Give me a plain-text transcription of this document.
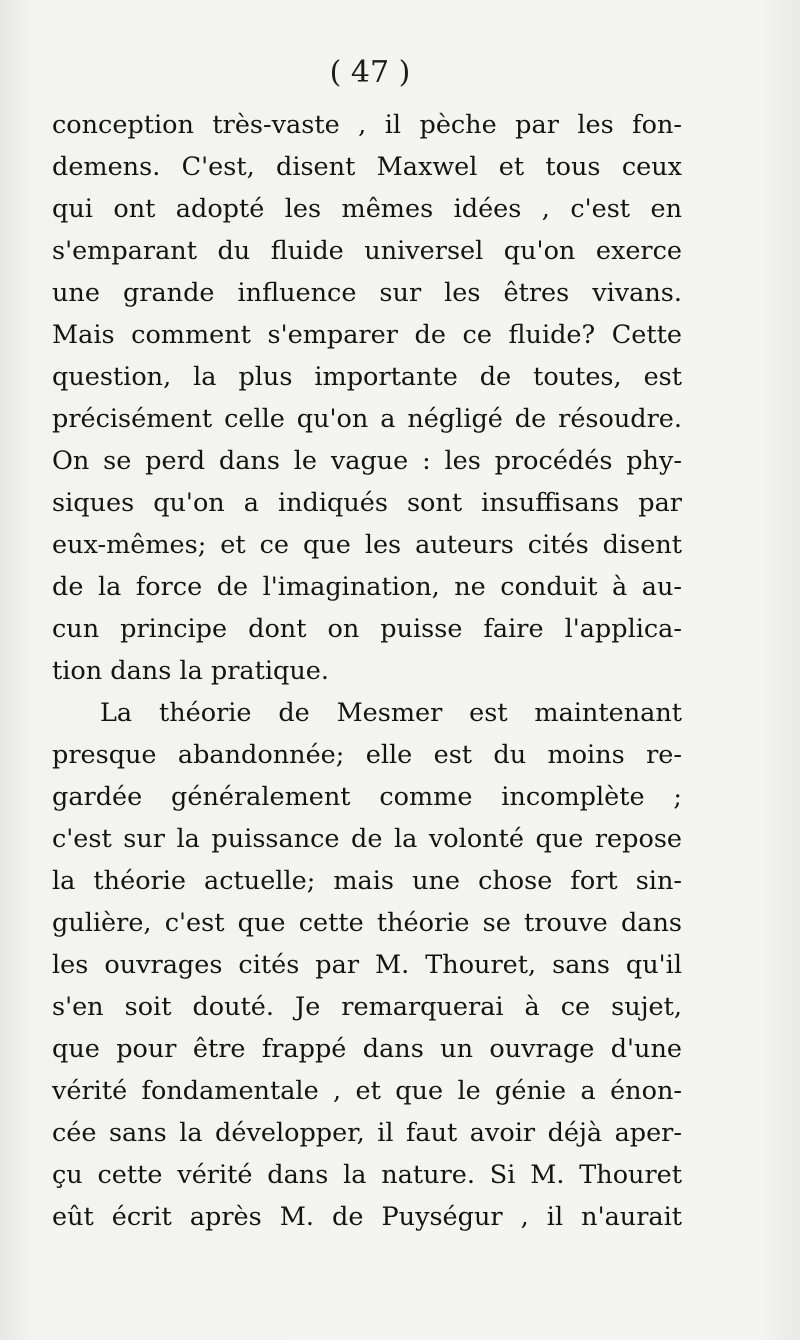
( 47 )
conception très-vaste , il pèche par les fon-
demens. C'est, disent Maxwel et tous ceux
qui ont adopté les mêmes idées , c'est en
s'emparant du fluide universel qu'on exerce
une grande influence sur les êtres vivans.
Mais comment s'emparer de ce fluide? Cette
question, la plus importante de toutes, est
précisément celle qu'on a négligé de résoudre.
On se perd dans le vague : les procédés phy-
siques qu'on a indiqués sont insuffisans par
eux-mêmes; et ce que les auteurs cités disent
de la force de l'imagination, ne conduit à au-
cun principe dont on puisse faire l'applica-
tion dans la pratique.
La théorie de Mesmer est maintenant
presque abandonnée; elle est du moins re-
gardée généralement comme incomplète ;
c'est sur la puissance de la volonté que repose
la théorie actuelle; mais une chose fort sin-
gulière, c'est que cette théorie se trouve dans
les ouvrages cités par M. Thouret, sans qu'il
s'en soit douté. Je remarquerai à ce sujet,
que pour être frappé dans un ouvrage d'une
vérité fondamentale , et que le génie a énon-
cée sans la développer, il faut avoir déjà aper-
çu cette vérité dans la nature. Si M. Thouret
eût écrit après M. de Puységur , il n'aurait
